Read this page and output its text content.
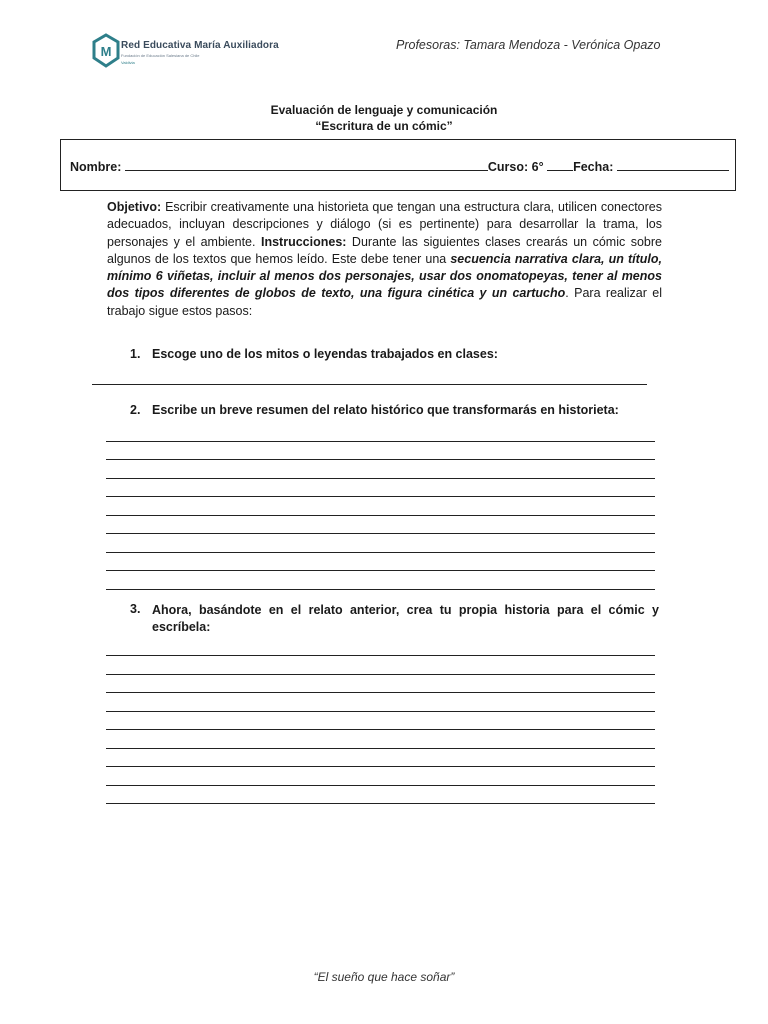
M Red Educativa María Auxiliadora
Fundación de Educación Salesiana de Chile
Valdivia
Profesoras: Tamara Mendoza - Verónica Opazo
Evaluación de lenguaje y comunicación
“Escritura de un cómic”
Nombre:	Curso: 6° Fecha:

Objetivo: Escribir creativamente una historieta que tengan una estructura clara, utilicen conectores adecuados, incluyan descripciones y diálogo (si es pertinente) para desarrollar la trama, los personajes y el ambiente. Instrucciones: Durante las siguientes clases crearás un cómic sobre algunos de los textos que hemos leído. Este debe tener una secuencia narrativa clara, un título, mínimo 6 viñetas, incluir al menos dos personajes, usar dos onomatopeyas, tener al menos dos tipos diferentes de globos de texto, una figura cinética y un cartucho. Para realizar el trabajo sigue estos pasos:

1. Escoge uno de los mitos o leyendas trabajados en clases:
2. Escribe un breve resumen del relato histórico que transformarás en historieta:
3. Ahora, basándote en el relato anterior, crea tu propia historia para el cómic y escríbela:
“El sueño que hace soñar”
